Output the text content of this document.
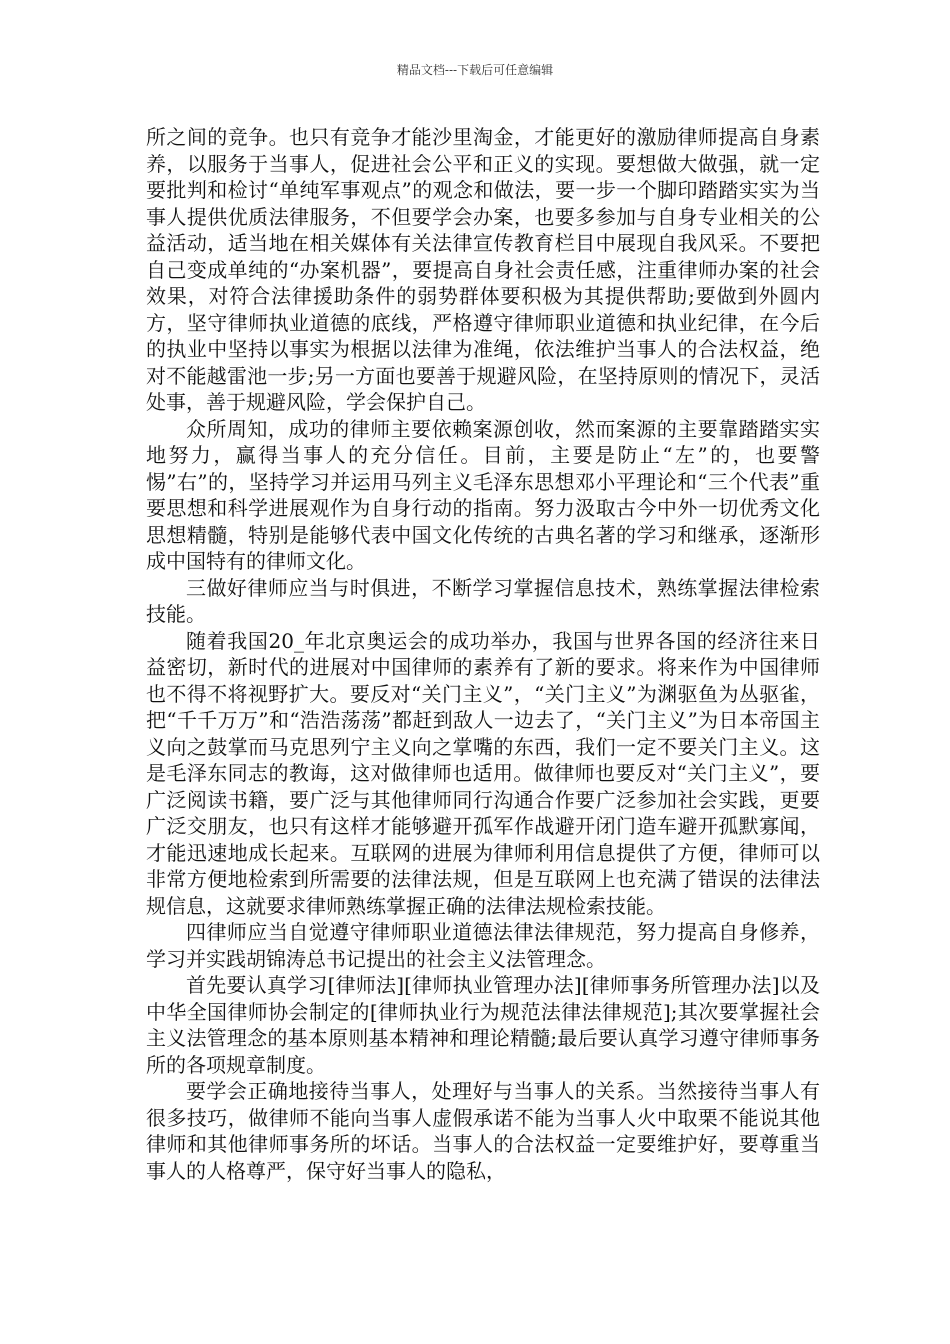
精品文档---下载后可任意编辑

所之间的竞争。也只有竞争才能沙里淘金，才能更好的激励律师提高自身素养，以服务于当事人，促进社会公平和正义的实现。要想做大做强，就一定要批判和检讨“单纯军事观点”的观念和做法，要一步一个脚印踏踏实实为当事人提供优质法律服务，不但要学会办案，也要多参加与自身专业相关的公益活动，适当地在相关媒体有关法律宣传教育栏目中展现自我风采。不要把自己变成单纯的“办案机器”，要提高自身社会责任感，注重律师办案的社会效果，对符合法律援助条件的弱势群体要积极为其提供帮助;要做到外圆内方，坚守律师执业道德的底线，严格遵守律师职业道德和执业纪律，在今后的执业中坚持以事实为根据以法律为准绳，依法维护当事人的合法权益，绝对不能越雷池一步;另一方面也要善于规避风险，在坚持原则的情况下，灵活处事，善于规避风险，学会保护自己。

众所周知，成功的律师主要依赖案源创收，然而案源的主要靠踏踏实实地努力，赢得当事人的充分信任。目前，主要是防止“左”的，也要警惕”右”的，坚持学习并运用马列主义毛泽东思想邓小平理论和“三个代表”重要思想和科学进展观作为自身行动的指南。努力汲取古今中外一切优秀文化思想精髓，特别是能够代表中国文化传统的古典名著的学习和继承，逐渐形成中国特有的律师文化。

三做好律师应当与时俱进，不断学习掌握信息技术，熟练掌握法律检索技能。

随着我国20_年北京奥运会的成功举办，我国与世界各国的经济往来日益密切，新时代的进展对中国律师的素养有了新的要求。将来作为中国律师也不得不将视野扩大。要反对“关门主义”，“关门主义”为渊驱鱼为丛驱雀，把“千千万万”和“浩浩荡荡”都赶到敌人一边去了，“关门主义”为日本帝国主义向之鼓掌而马克思列宁主义向之掌嘴的东西，我们一定不要关门主义。这是毛泽东同志的教诲，这对做律师也适用。做律师也要反对“关门主义”，要广泛阅读书籍，要广泛与其他律师同行沟通合作要广泛参加社会实践，更要广泛交朋友，也只有这样才能够避开孤军作战避开闭门造车避开孤默寡闻，才能迅速地成长起来。互联网的进展为律师利用信息提供了方便，律师可以非常方便地检索到所需要的法律法规，但是互联网上也充满了错误的法律法规信息，这就要求律师熟练掌握正确的法律法规检索技能。

四律师应当自觉遵守律师职业道德法律法律规范，努力提高自身修养，学习并实践胡锦涛总书记提出的社会主义法管理念。

首先要认真学习[律师法][律师执业管理办法][律师事务所管理办法]以及中华全国律师协会制定的[律师执业行为规范法律法律规范];其次要掌握社会主义法管理念的基本原则基本精神和理论精髓;最后要认真学习遵守律师事务所的各项规章制度。

要学会正确地接待当事人，处理好与当事人的关系。当然接待当事人有很多技巧，做律师不能向当事人虚假承诺不能为当事人火中取栗不能说其他律师和其他律师事务所的坏话。当事人的合法权益一定要维护好，要尊重当事人的人格尊严，保守好当事人的隐私，
